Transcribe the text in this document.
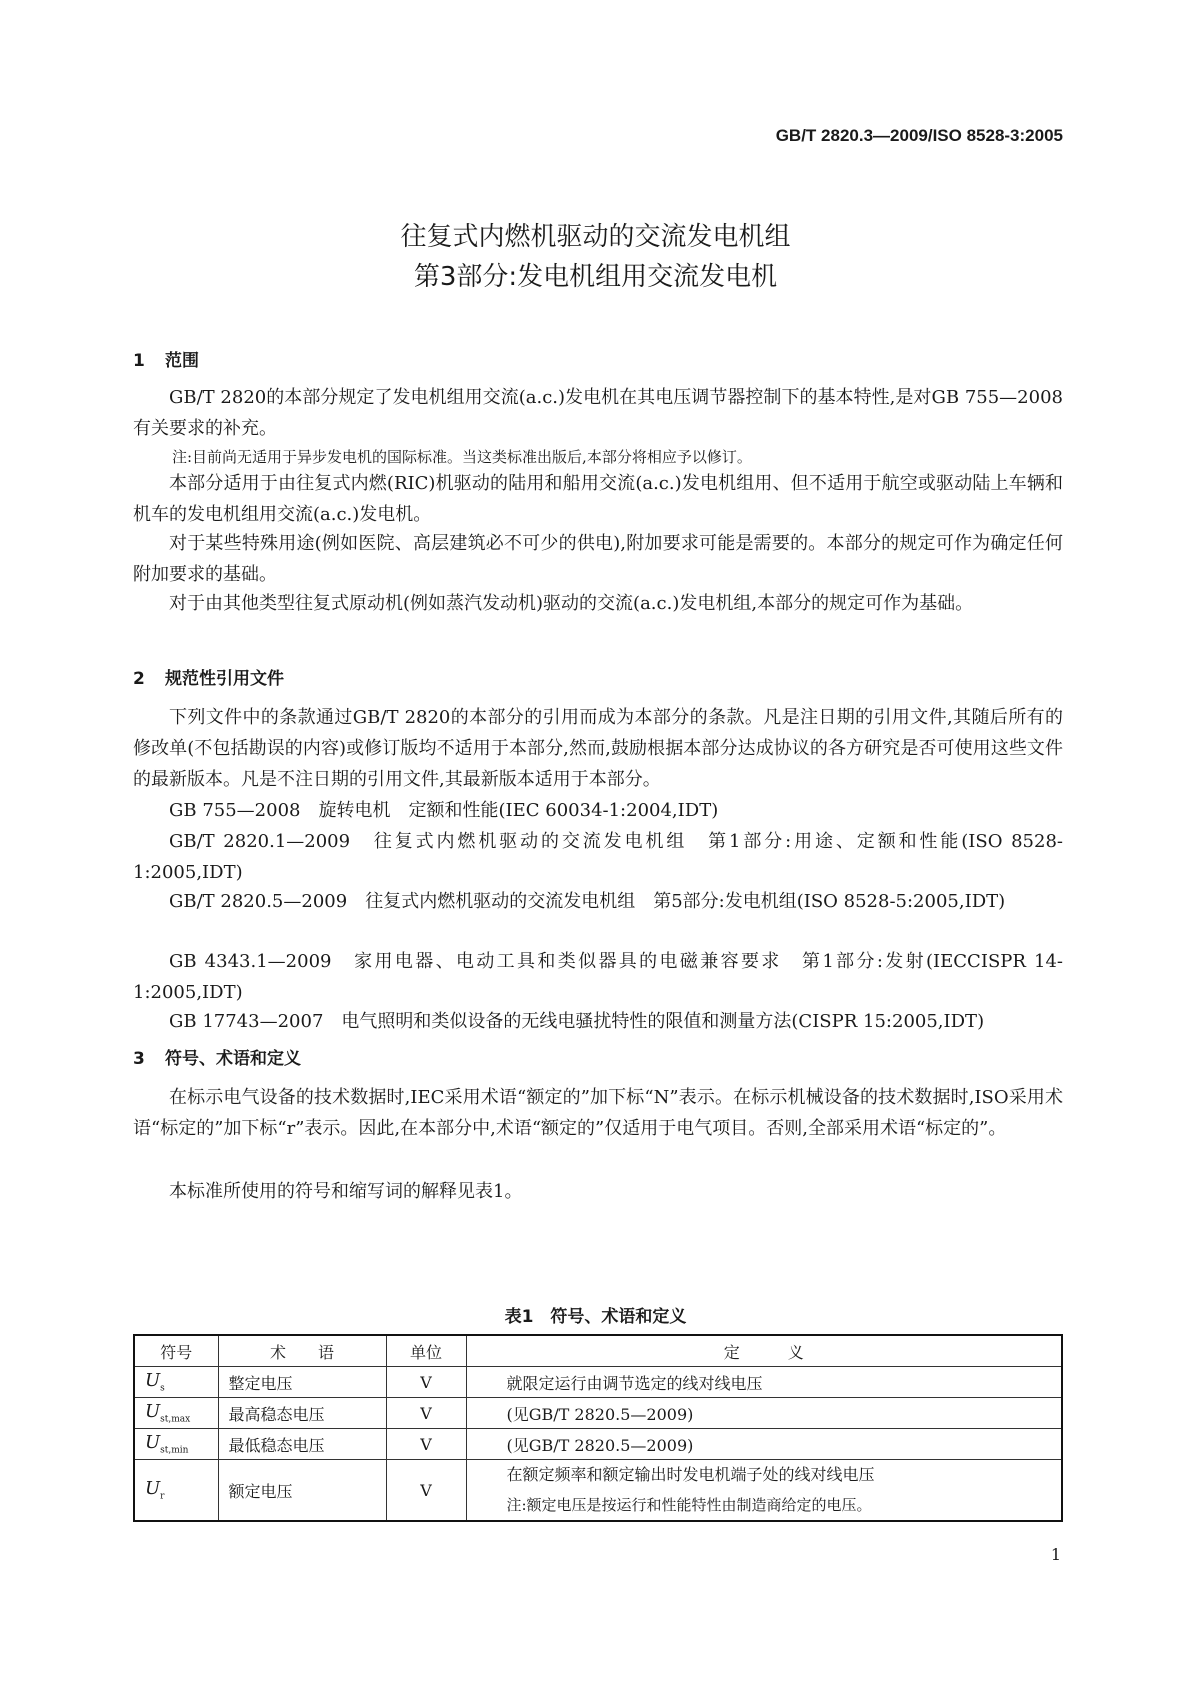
GB/T 2820.3—2009/ISO 8528-3:2005
往复式内燃机驱动的交流发电机组
第3部分:发电机组用交流发电机
1 范围
GB/T 2820的本部分规定了发电机组用交流(a.c.)发电机在其电压调节器控制下的基本特性,是对GB 755—2008有关要求的补充。
注:目前尚无适用于异步发电机的国际标准。当这类标准出版后,本部分将相应予以修订。
本部分适用于由往复式内燃(RIC)机驱动的陆用和船用交流(a.c.)发电机组用、但不适用于航空或驱动陆上车辆和机车的发电机组用交流(a.c.)发电机。
对于某些特殊用途(例如医院、高层建筑必不可少的供电),附加要求可能是需要的。本部分的规定可作为确定任何附加要求的基础。
对于由其他类型往复式原动机(例如蒸汽发动机)驱动的交流(a.c.)发电机组,本部分的规定可作为基础。
2 规范性引用文件
下列文件中的条款通过GB/T 2820的本部分的引用而成为本部分的条款。凡是注日期的引用文件,其随后所有的修改单(不包括勘误的内容)或修订版均不适用于本部分,然而,鼓励根据本部分达成协议的各方研究是否可使用这些文件的最新版本。凡是不注日期的引用文件,其最新版本适用于本部分。
GB 755—2008　旋转电机　定额和性能(IEC 60034-1:2004,IDT)
GB/T 2820.1—2009　往复式内燃机驱动的交流发电机组　第1部分:用途、定额和性能(ISO 8528-1:2005,IDT)
GB/T 2820.5—2009　往复式内燃机驱动的交流发电机组　第5部分:发电机组(ISO 8528-5:2005,IDT)
GB 4343.1—2009　家用电器、电动工具和类似器具的电磁兼容要求　第1部分:发射(IECCISPR 14-1:2005,IDT)
GB 17743—2007　电气照明和类似设备的无线电骚扰特性的限值和测量方法(CISPR 15:2005,IDT)
3 符号、术语和定义
在标示电气设备的技术数据时,IEC采用术语“额定的”加下标“N”表示。在标示机械设备的技术数据时,ISO采用术语“标定的”加下标“r”表示。因此,在本部分中,术语“额定的”仅适用于电气项目。否则,全部采用术语“标定的”。
本标准所使用的符号和缩写词的解释见表1。
表1　符号、术语和定义
符号	术　　语	单位	定　　　义
$U_s$	整定电压	V	就限定运行由调节选定的线对线电压
$U_{st,max}$	最高稳态电压	V	(见GB/T 2820.5—2009)
$U_{st,min}$	最低稳态电压	V	(见GB/T 2820.5—2009)
$U_r$	额定电压	V	在额定频率和额定输出时发电机端子处的线对线电压
注:额定电压是按运行和性能特性由制造商给定的电压。
1
